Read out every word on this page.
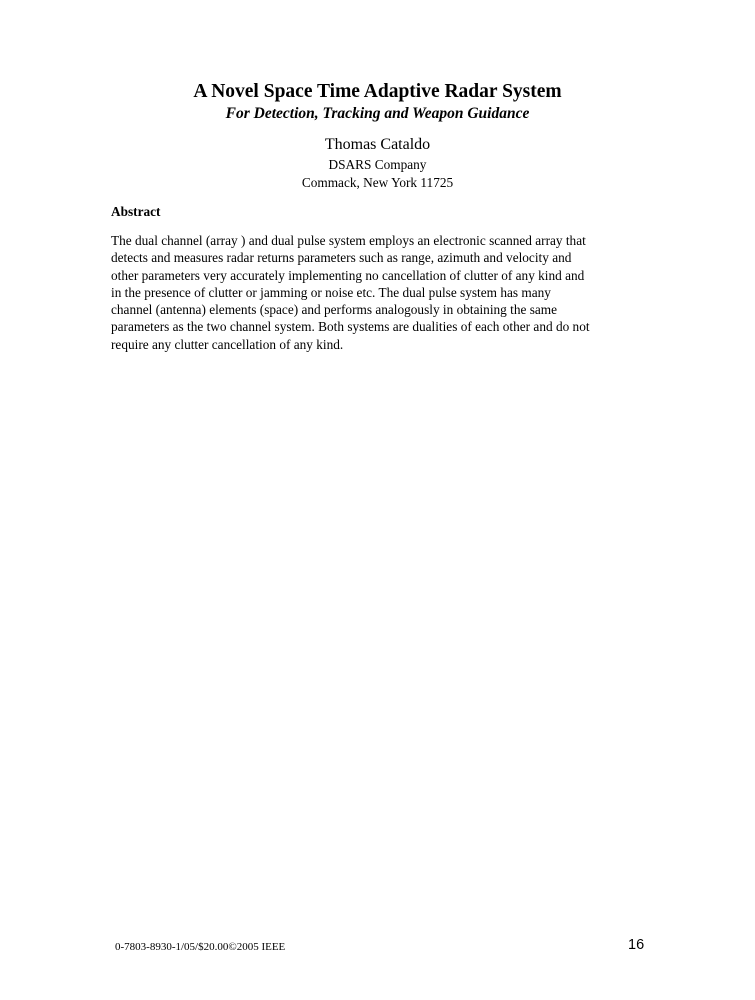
A Novel Space Time Adaptive Radar System
For Detection, Tracking and Weapon Guidance
Thomas Cataldo
DSARS Company
Commack, New York 11725
Abstract
The dual channel (array ) and dual pulse system employs an electronic scanned array that
detects and measures radar returns parameters such as range, azimuth and velocity and
other parameters very accurately implementing no cancellation of clutter of any kind and
in the presence of clutter or jamming or noise etc. The dual pulse system has many
channel (antenna) elements (space) and performs analogously in obtaining the same
parameters as the two channel system. Both systems are dualities of each other and do not
require any clutter cancellation of any kind.
0-7803-8930-1/05/$20.00©2005 IEEE	16
